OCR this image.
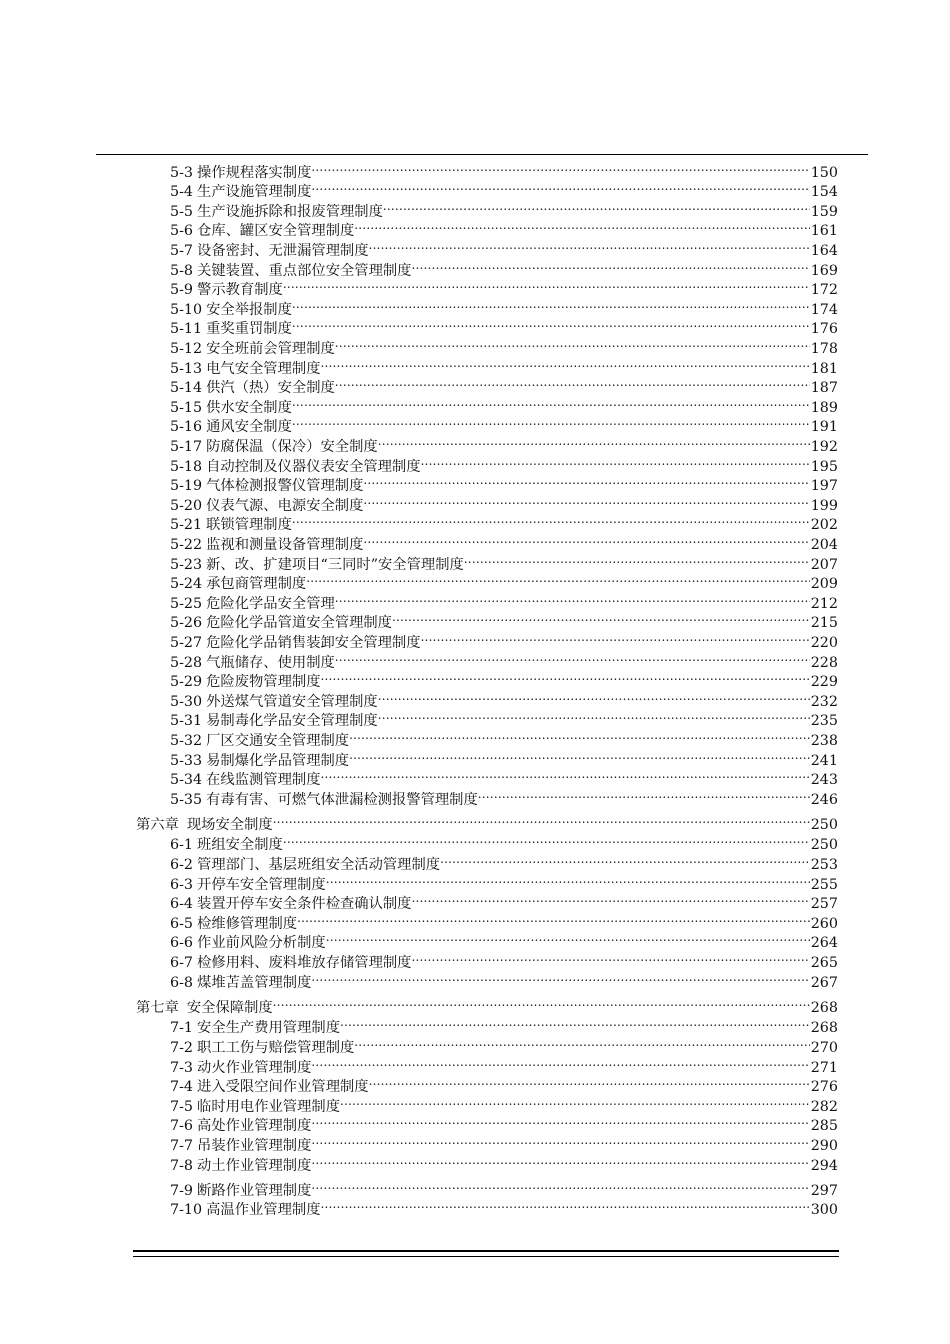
5-3 操作规程落实制度 .....	150
5-4 生产设施管理制度 .....	154
5-5 生产设施拆除和报废管理制度 .....	159
5-6 仓库、罐区安全管理制度 .....	161
5-7 设备密封、无泄漏管理制度 .....	164
5-8 关键装置、重点部位安全管理制度 .....	169
5-9 警示教育制度 .....	172
5-10 安全举报制度 .....	174
5-11 重奖重罚制度 .....	176
5-12 安全班前会管理制度 .....	178
5-13 电气安全管理制度 .....	181
5-14 供汽（热）安全制度 .....	187
5-15 供水安全制度 .....	189
5-16 通风安全制度 .....	191
5-17 防腐保温（保冷）安全制度 .....	192
5-18 自动控制及仪器仪表安全管理制度 .....	195
5-19 气体检测报警仪管理制度 .....	197
5-20 仪表气源、电源安全制度 .....	199
5-21 联锁管理制度 .....	202
5-22 监视和测量设备管理制度 .....	204
5-23 新、改、扩建项目“三同时”安全管理制度 .....	207
5-24 承包商管理制度 .....	209
5-25 危险化学品安全管理 .....	212
5-26 危险化学品管道安全管理制度 .....	215
5-27 危险化学品销售装卸安全管理制度 .....	220
5-28 气瓶储存、使用制度 .....	228
5-29 危险废物管理制度 .....	229
5-30 外送煤气管道安全管理制度 .....	232
5-31 易制毒化学品安全管理制度 .....	235
5-32 厂区交通安全管理制度 .....	238
5-33 易制爆化学品管理制度 .....	241
5-34 在线监测管理制度 .....	243
5-35 有毒有害、可燃气体泄漏检测报警管理制度 .....	246
第六章 现场安全制度 .....	250
6-1 班组安全制度 .....	250
6-2 管理部门、基层班组安全活动管理制度 .....	253
6-3 开停车安全管理制度 .....	255
6-4 装置开停车安全条件检查确认制度 .....	257
6-5 检维修管理制度 .....	260
6-6 作业前风险分析制度 .....	264
6-7 检修用料、废料堆放存储管理制度 .....	265
6-8 煤堆苫盖管理制度 .....	267
第七章 安全保障制度 .....	268
7-1 安全生产费用管理制度 .....	268
7-2 职工工伤与赔偿管理制度 .....	270
7-3 动火作业管理制度 .....	271
7-4 进入受限空间作业管理制度 .....	276
7-5 临时用电作业管理制度 .....	282
7-6 高处作业管理制度 .....	285
7-7 吊装作业管理制度 .....	290
7-8 动土作业管理制度 .....	294
7-9 断路作业管理制度 .....	297
7-10 高温作业管理制度 .....	300
